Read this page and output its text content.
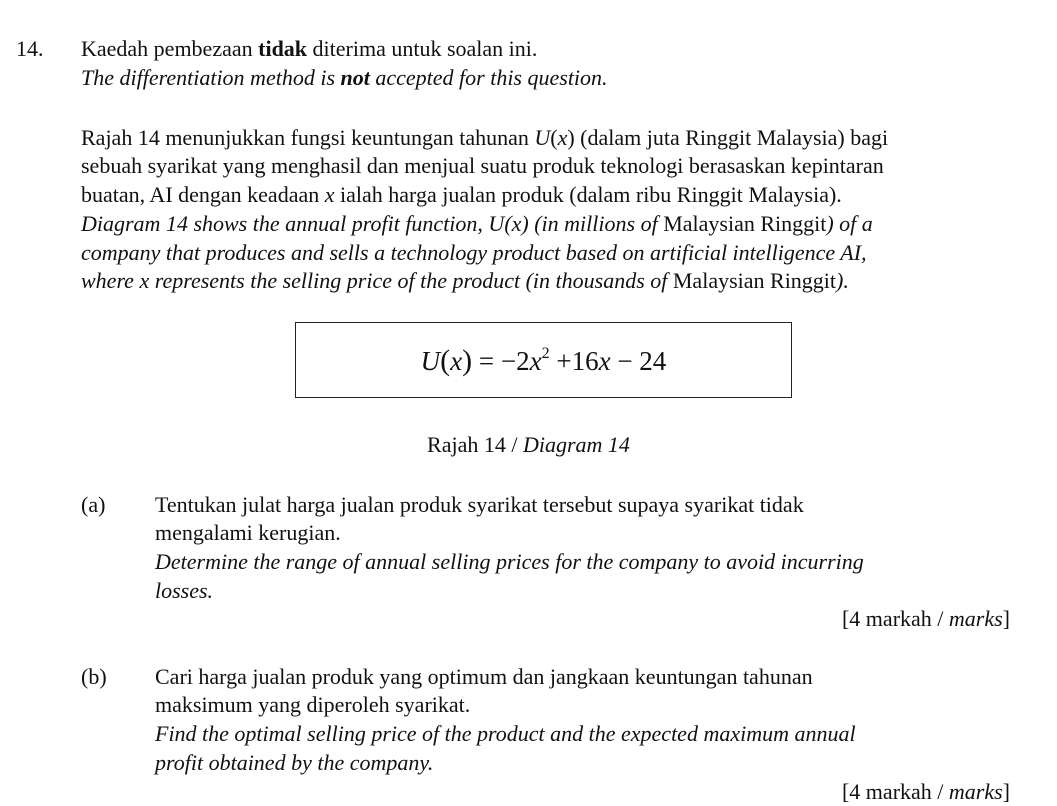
14. Kaedah pembezaan tidak diterima untuk soalan ini.
The differentiation method is not accepted for this question.
Rajah 14 menunjukkan fungsi keuntungan tahunan U(x) (dalam juta Ringgit Malaysia) bagi
sebuah syarikat yang menghasil dan menjual suatu produk teknologi berasaskan kepintaran
buatan, AI dengan keadaan x ialah harga jualan produk (dalam ribu Ringgit Malaysia).
Diagram 14 shows the annual profit function, U(x) (in millions of Malaysian Ringgit) of a
company that produces and sells a technology product based on artificial intelligence AI,
where x represents the selling price of the product (in thousands of Malaysian Ringgit).
$U(x) = -2x^2 +16x - 24$
Rajah 14 / Diagram 14
(a) Tentukan julat harga jualan produk syarikat tersebut supaya syarikat tidak
mengalami kerugian.
Determine the range of annual selling prices for the company to avoid incurring
losses.
[4 markah / marks]
(b) Cari harga jualan produk yang optimum dan jangkaan keuntungan tahunan
maksimum yang diperoleh syarikat.
Find the optimal selling price of the product and the expected maximum annual
profit obtained by the company.
[4 markah / marks]
